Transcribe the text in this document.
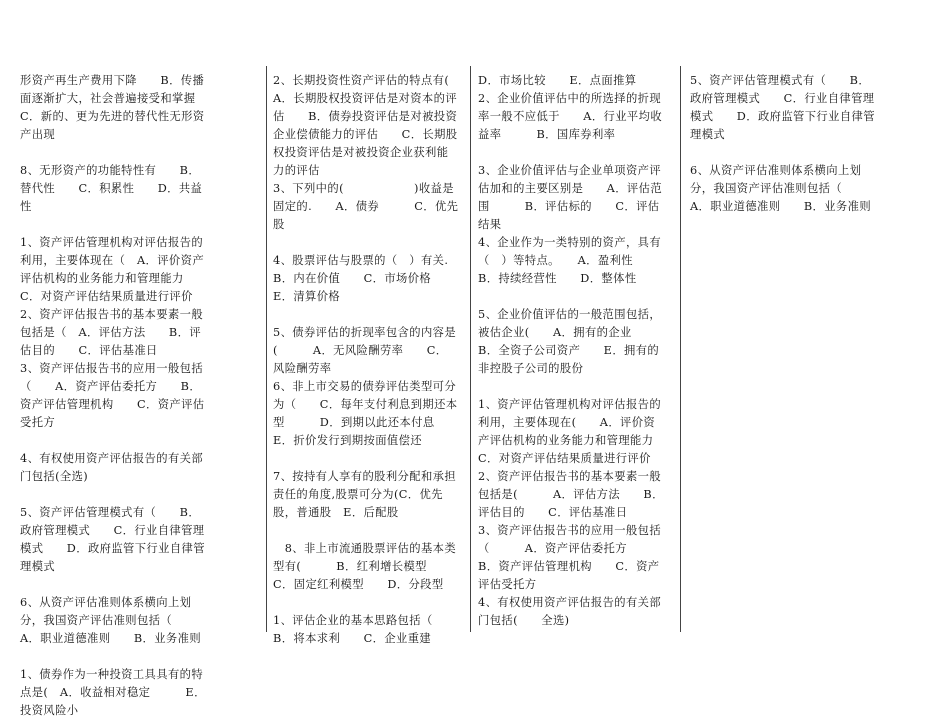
形资产再生产费用下降　　B．传播面逐渐扩大，社会普遍接受和掌握　　C．新的、更为先进的替代性无形资产出现

8、无形资产的功能特性有　　B．替代性　　C．积累性　　D．共益性

1、资产评估管理机构对评估报告的利用，主要体现在（　A．评价资产评估机构的业务能力和管理能力　　C．对资产评估结果质量进行评价

2、资产评估报告书的基本要素一般包括是（　A．评估方法　　B．评估目的　　C．评估基准日

3、资产评估报告书的应用一般包括（　　A．资产评估委托方　　B．资产评估管理机构　　C．资产评估受托方

4、有权使用资产评估报告的有关部门包括(全选)

5、资产评估管理模式有（　　B．政府管理模式　　C．行业自律管理模式　　D．政府监管下行业自律管理模式

6、从资产评估准则体系横向上划分，我国资产评估准则包括（　　　A．职业道德准则　　B．业务准则

1、债券作为一种投资工具具有的特点是(　A．收益相对稳定　　　E．投资风险小

2、长期投资性资产评估的特点有(　　A．长期股权投资评估是对资本的评估　　B．债券投资评估是对被投资企业偿债能力的评估　　C．长期股权投资评估是对被投资企业获利能力的评估

3、下列中的(　　　　　　)收益是固定的.　　A．债券　　　C．优先股

4、股票评估与股票的（　）有关.　B．内在价值　　C．市场价格　　E．清算价格

5、债券评估的折现率包含的内容是(　　　A．无风险酬劳率　　C．风险酬劳率

6、非上市交易的债券评估类型可分为（　　C．每年支付利息到期还本型　　　D．到期以此还本付息　　E．折价发行到期按面值偿还

7、按持有人享有的股利分配和承担责任的角度,股票可分为(C．优先股，普通股　E．后配股

　8、非上市流通股票评估的基本类型有(　　　B．红利增长模型　　C．固定红利模型　　D．分段型

1、评估企业的基本思路包括（　　B．将本求利　　C．企业重建

D．市场比较　　E．点面推算　2、企业价值评估中的所选择的折现率一般不应低于　　A．行业平均收益率　　　B．国库券利率

3、企业价值评估与企业单项资产评估加和的主要区别是　　A．评估范围　　　B．评估标的　　C．评估结果

4、企业作为一类特别的资产，具有（　）等特点。　　A．盈利性　　B．持续经营性　　D．整体性

5、企业价值评估的一般范围包括，被估企业(　　A．拥有的企业　　B．全资子公司资产　　E．拥有的非控股子公司的股份

1、资产评估管理机构对评估报告的利用，主要体现在(　　A．评价资产评估机构的业务能力和管理能力　　C．对资产评估结果质量进行评价

2、资产评估报告书的基本要素一般包括是(　　　A．评估方法　　B．评估目的　　C．评估基准日

3、资产评估报告书的应用一般包括（　　　A．资产评估委托方　　B．资产评估管理机构　　C．资产评估受托方

4、有权使用资产评估报告的有关部门包括(　　全选)

5、资产评估管理模式有（　　B．政府管理模式　　C．行业自律管理模式　　D．政府监管下行业自律管理模式

6、从资产评估准则体系横向上划分，我国资产评估准则包括（　　　A．职业道德准则　　B．业务准则
